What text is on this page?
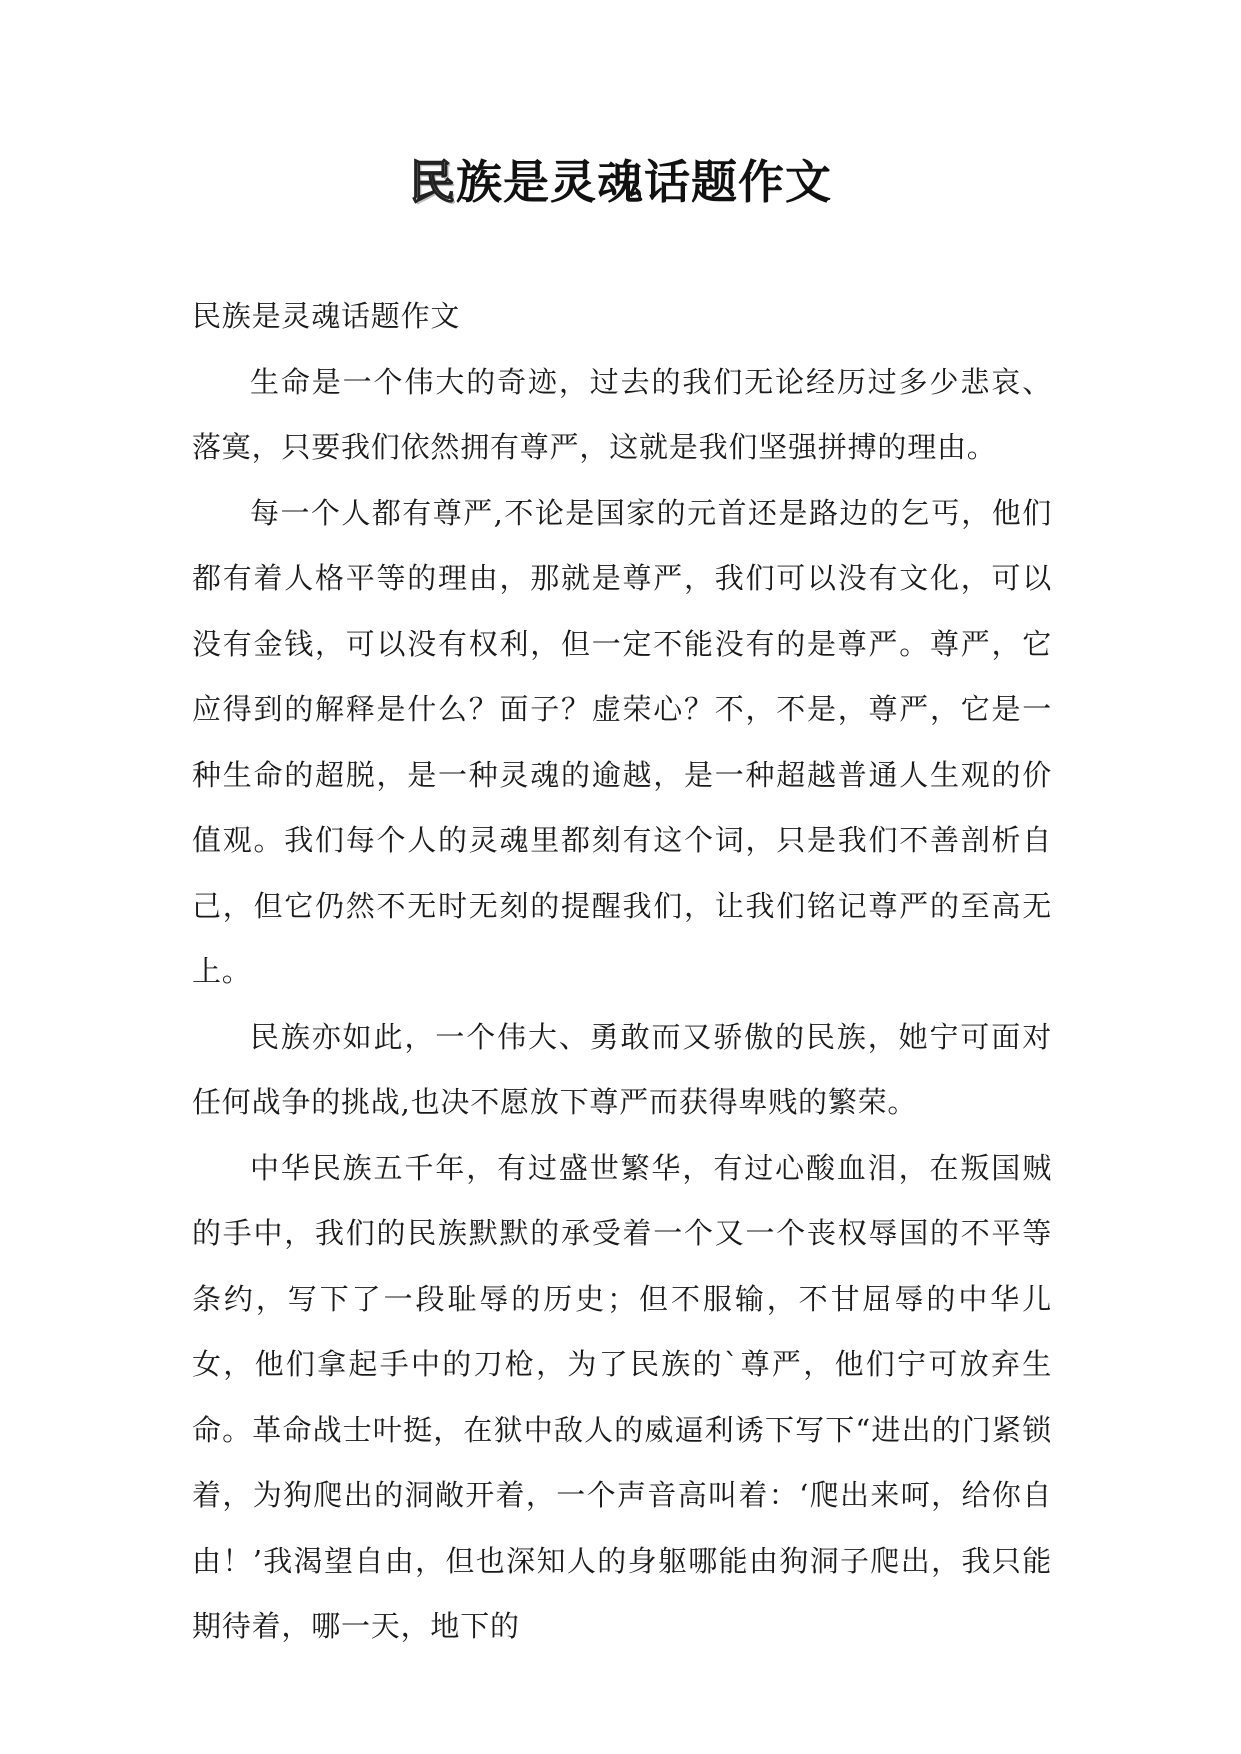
民族是灵魂话题作文

民族是灵魂话题作文

生命是一个伟大的奇迹，过去的我们无论经历过多少悲哀、落寞，只要我们依然拥有尊严，这就是我们坚强拼搏的理由。

每一个人都有尊严,不论是国家的元首还是路边的乞丐，他们都有着人格平等的理由，那就是尊严，我们可以没有文化，可以没有金钱，可以没有权利，但一定不能没有的是尊严。尊严，它应得到的解释是什么？面子？虚荣心？不，不是，尊严，它是一种生命的超脱，是一种灵魂的逾越，是一种超越普通人生观的价值观。我们每个人的灵魂里都刻有这个词，只是我们不善剖析自己，但它仍然不无时无刻的提醒我们，让我们铭记尊严的至高无上。

民族亦如此，一个伟大、勇敢而又骄傲的民族，她宁可面对任何战争的挑战,也决不愿放下尊严而获得卑贱的繁荣。

中华民族五千年，有过盛世繁华，有过心酸血泪，在叛国贼的手中，我们的民族默默的承受着一个又一个丧权辱国的不平等条约，写下了一段耻辱的历史；但不服输，不甘屈辱的中华儿女，他们拿起手中的刀枪，为了民族的`尊严，他们宁可放弃生命。革命战士叶挺，在狱中敌人的威逼利诱下写下“进出的门紧锁着，为狗爬出的洞敞开着，一个声音高叫着：‘爬出来呵，给你自由！’我渴望自由，但也深知人的身躯哪能由狗洞子爬出，我只能期待着，哪一天，地下的
